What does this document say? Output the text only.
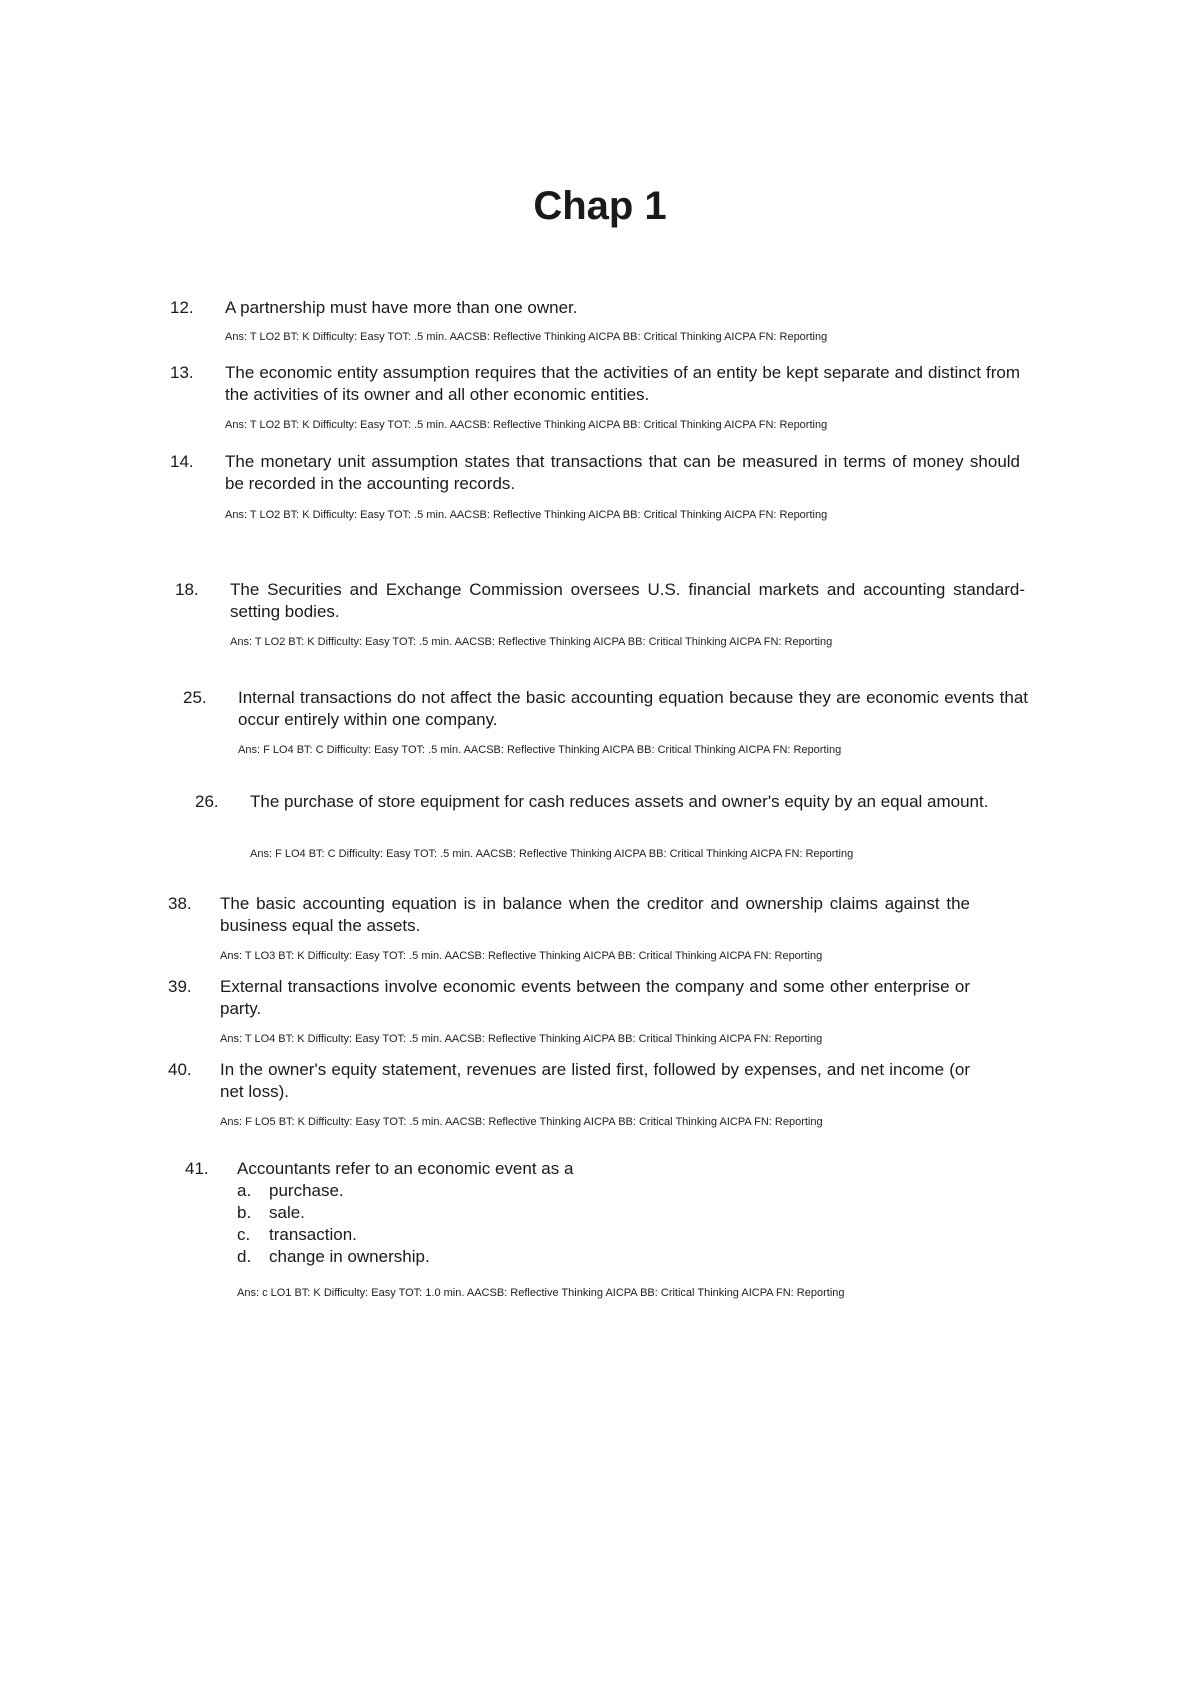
Chap 1
12. A partnership must have more than one owner.
Ans: T LO2 BT: K Difficulty: Easy TOT: .5 min. AACSB: Reflective Thinking AICPA BB: Critical Thinking AICPA FN: Reporting
13. The economic entity assumption requires that the activities of an entity be kept separate and distinct from the activities of its owner and all other economic entities.
Ans: T LO2 BT: K Difficulty: Easy TOT: .5 min. AACSB: Reflective Thinking AICPA BB: Critical Thinking AICPA FN: Reporting
14. The monetary unit assumption states that transactions that can be measured in terms of money should be recorded in the accounting records.
Ans: T LO2 BT: K Difficulty: Easy TOT: .5 min. AACSB: Reflective Thinking AICPA BB: Critical Thinking AICPA FN: Reporting
18. The Securities and Exchange Commission oversees U.S. financial markets and accounting standard-setting bodies.
Ans: T LO2 BT: K Difficulty: Easy TOT: .5 min. AACSB: Reflective Thinking AICPA BB: Critical Thinking AICPA FN: Reporting
25. Internal transactions do not affect the basic accounting equation because they are economic events that occur entirely within one company.
Ans: F LO4 BT: C Difficulty: Easy TOT: .5 min. AACSB: Reflective Thinking AICPA BB: Critical Thinking AICPA FN: Reporting
26. The purchase of store equipment for cash reduces assets and owner's equity by an equal amount.
Ans: F LO4 BT: C Difficulty: Easy TOT: .5 min. AACSB: Reflective Thinking AICPA BB: Critical Thinking AICPA FN: Reporting
38. The basic accounting equation is in balance when the creditor and ownership claims against the business equal the assets.
Ans: T LO3 BT: K Difficulty: Easy TOT: .5 min. AACSB: Reflective Thinking AICPA BB: Critical Thinking AICPA FN: Reporting
39. External transactions involve economic events between the company and some other enterprise or party.
Ans: T LO4 BT: K Difficulty: Easy TOT: .5 min. AACSB: Reflective Thinking AICPA BB: Critical Thinking AICPA FN: Reporting
40. In the owner's equity statement, revenues are listed first, followed by expenses, and net income (or net loss).
Ans: F LO5 BT: K Difficulty: Easy TOT: .5 min. AACSB: Reflective Thinking AICPA BB: Critical Thinking AICPA FN: Reporting
41. Accountants refer to an economic event as a
a.	purchase.
b.	sale.
c.	transaction.
d.	change in ownership.
Ans: c LO1 BT: K Difficulty: Easy TOT: 1.0 min. AACSB: Reflective Thinking AICPA BB: Critical Thinking AICPA FN: Reporting
